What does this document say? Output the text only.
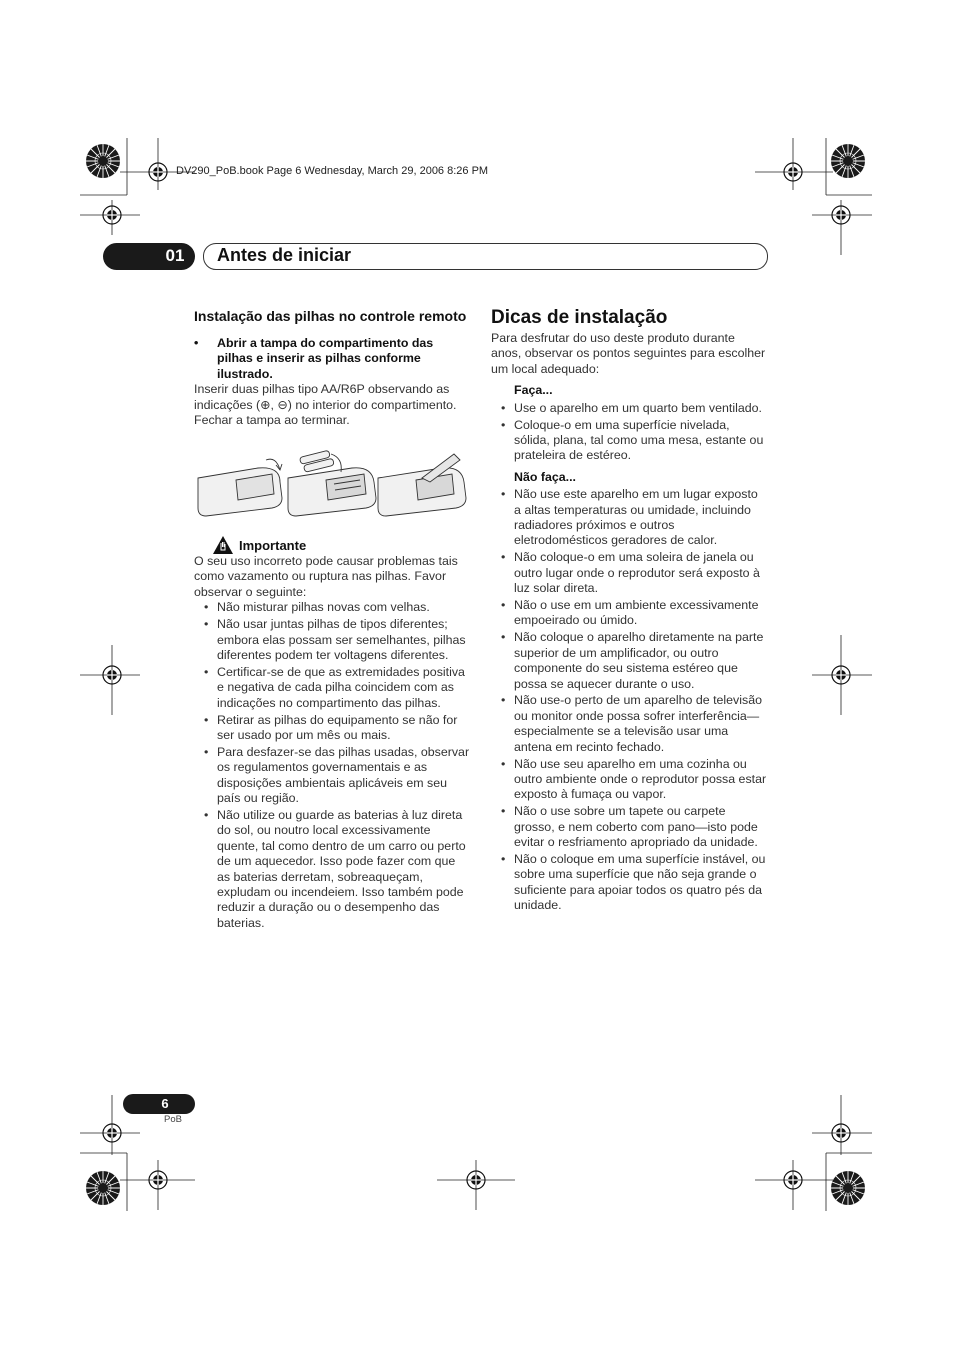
DV290_PoB.book Page 6 Wednesday, March 29, 2006 8:26 PM
01	Antes de iniciar
Instalação das pilhas no controle remoto
•	Abrir a tampa do compartimento das pilhas e inserir as pilhas conforme ilustrado.

Inserir duas pilhas tipo AA/R6P observando as indicações (⊕, ⊖) no interior do compartimento. Fechar a tampa ao terminar.

Importante

O seu uso incorreto pode causar problemas tais como vazamento ou ruptura nas pilhas. Favor observar o seguinte:

• Não misturar pilhas novas com velhas.
• Não usar juntas pilhas de tipos diferentes; embora elas possam ser semelhantes, pilhas diferentes podem ter voltagens diferentes.
• Certificar-se de que as extremidades positiva e negativa de cada pilha coincidem com as indicações no compartimento das pilhas.
• Retirar as pilhas do equipamento se não for ser usado por um mês ou mais.
• Para desfazer-se das pilhas usadas, observar os regulamentos governamentais e as disposições ambientais aplicáveis em seu país ou região.
• Não utilize ou guarde as baterias à luz direta do sol, ou noutro local excessivamente quente, tal como dentro de um carro ou perto de um aquecedor. Isso pode fazer com que as baterias derretam, sobreaqueçam, expludam ou incendeiem. Isso também pode reduzir a duração ou o desempenho das baterias.
Dicas de instalação

Para desfrutar do uso deste produto durante anos, observar os pontos seguintes para escolher um local adequado:

Faça...
• Use o aparelho em um quarto bem ventilado.
• Coloque-o em uma superfície nivelada, sólida, plana, tal como uma mesa, estante ou prateleira de estéreo.
Não faça...
• Não use este aparelho em um lugar exposto a altas temperaturas ou umidade, incluindo radiadores próximos e outros eletrodomésticos geradores de calor.
• Não coloque-o em uma soleira de janela ou outro lugar onde o reprodutor será exposto à luz solar direta.
• Não o use em um ambiente excessivamente empoeirado ou úmido.
• Não coloque o aparelho diretamente na parte superior de um amplificador, ou outro componente do seu sistema estéreo que possa se aquecer durante o uso.
• Não use-o perto de um aparelho de televisão ou monitor onde possa sofrer interferência—especialmente se a televisão usar uma antena em recinto fechado.
• Não use seu aparelho em uma cozinha ou outro ambiente onde o reprodutor possa estar exposto à fumaça ou vapor.
• Não o use sobre um tapete ou carpete grosso, e nem coberto com pano—isto pode evitar o resfriamento apropriado da unidade.
• Não o coloque em uma superfície instável, ou sobre uma superfície que não seja grande o suficiente para apoiar todos os quatro pés da unidade.
6
PoB
